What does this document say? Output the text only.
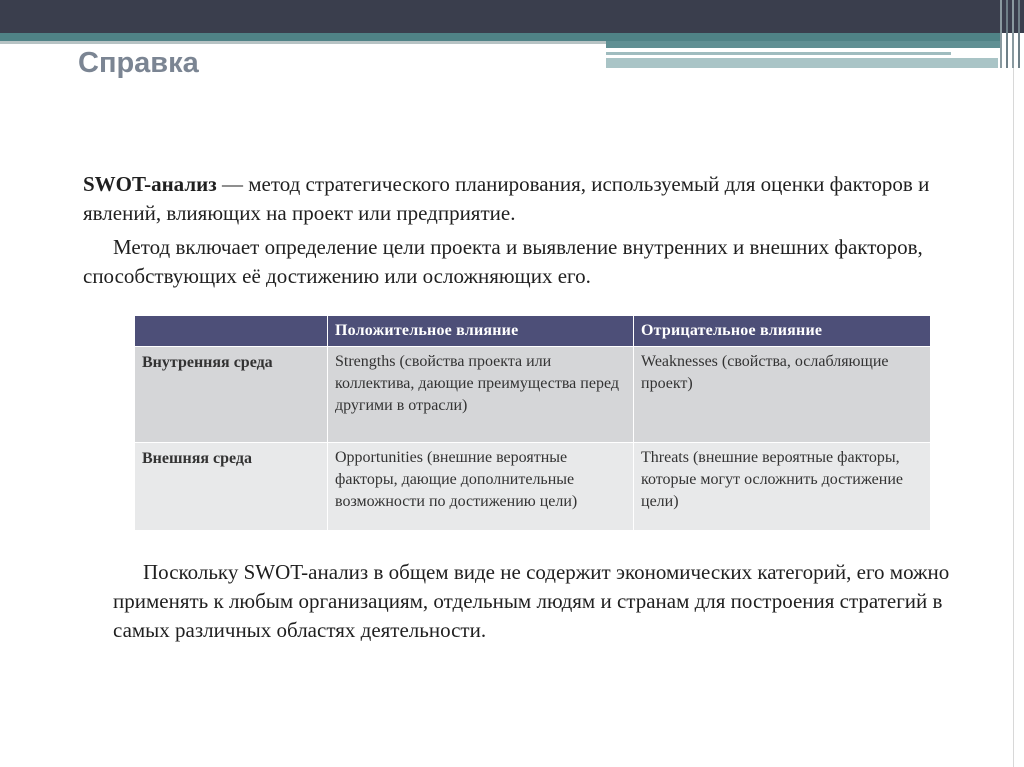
Справка

SWOT-анализ — метод стратегического планирования, используемый для оценки факторов и явлений, влияющих на проект или предприятие.

Метод включает определение цели проекта и выявление внутренних и внешних факторов, способствующих её достижению или осложняющих его.

	Положительное влияние	Отрицательное влияние
Внутренняя среда	Strengths (свойства проекта или коллектива, дающие преимущества перед другими в отрасли)	Weaknesses (свойства, ослабляющие проект)
Внешняя среда	Opportunities (внешние вероятные факторы, дающие дополнительные возможности по достижению цели)	Threats (внешние вероятные факторы, которые могут осложнить достижение цели)

Поскольку SWOT-анализ в общем виде не содержит экономических категорий, его можно применять к любым организациям, отдельным людям и странам для построения стратегий в самых различных областях деятельности.
